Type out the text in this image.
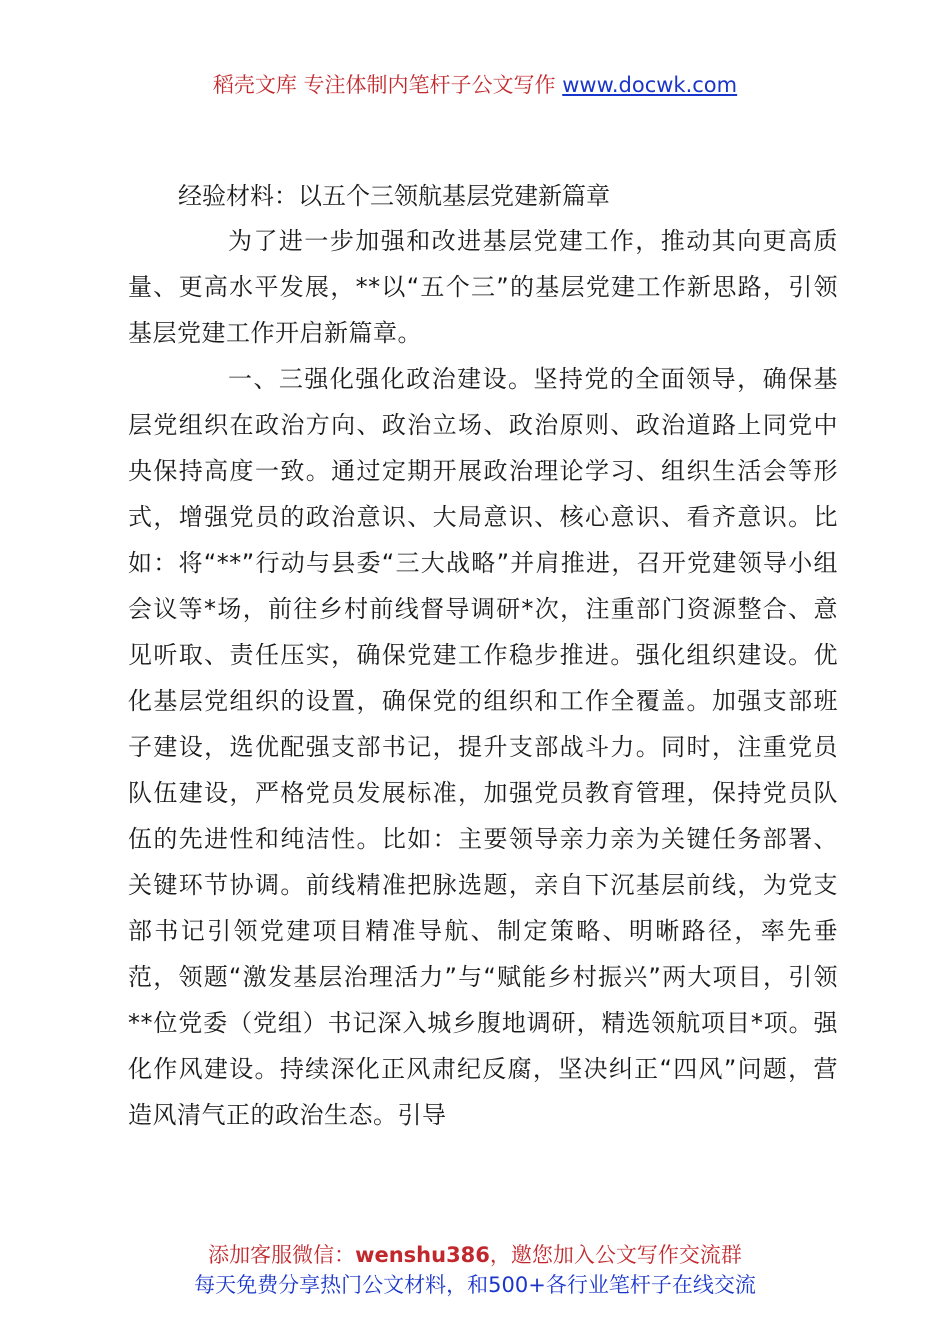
稻壳文库 专注体制内笔杆子公文写作 www.docwk.com
经验材料：以五个三领航基层党建新篇章

为了进一步加强和改进基层党建工作，推动其向更高质量、更高水平发展，**以“五个三”的基层党建工作新思路，引领基层党建工作开启新篇章。

一、三强化强化政治建设。坚持党的全面领导，确保基层党组织在政治方向、政治立场、政治原则、政治道路上同党中央保持高度一致。通过定期开展政治理论学习、组织生活会等形式，增强党员的政治意识、大局意识、核心意识、看齐意识。比如：将“**”行动与县委“三大战略”并肩推进，召开党建领导小组会议等*场，前往乡村前线督导调研*次，注重部门资源整合、意见听取、责任压实，确保党建工作稳步推进。强化组织建设。优化基层党组织的设置，确保党的组织和工作全覆盖。加强支部班子建设，选优配强支部书记，提升支部战斗力。同时，注重党员队伍建设，严格党员发展标准，加强党员教育管理，保持党员队伍的先进性和纯洁性。比如：主要领导亲力亲为关键任务部署、关键环节协调。前线精准把脉选题，亲自下沉基层前线，为党支部书记引领党建项目精准导航、制定策略、明晰路径，率先垂范，领题“激发基层治理活力”与“赋能乡村振兴”两大项目，引领**位党委（党组）书记深入城乡腹地调研，精选领航项目*项。强化作风建设。持续深化正风肃纪反腐，坚决纠正“四风”问题，营造风清气正的政治生态。引导

添加客服微信：wenshu386，邀您加入公文写作交流群
每天免费分享热门公文材料，和500+各行业笔杆子在线交流
